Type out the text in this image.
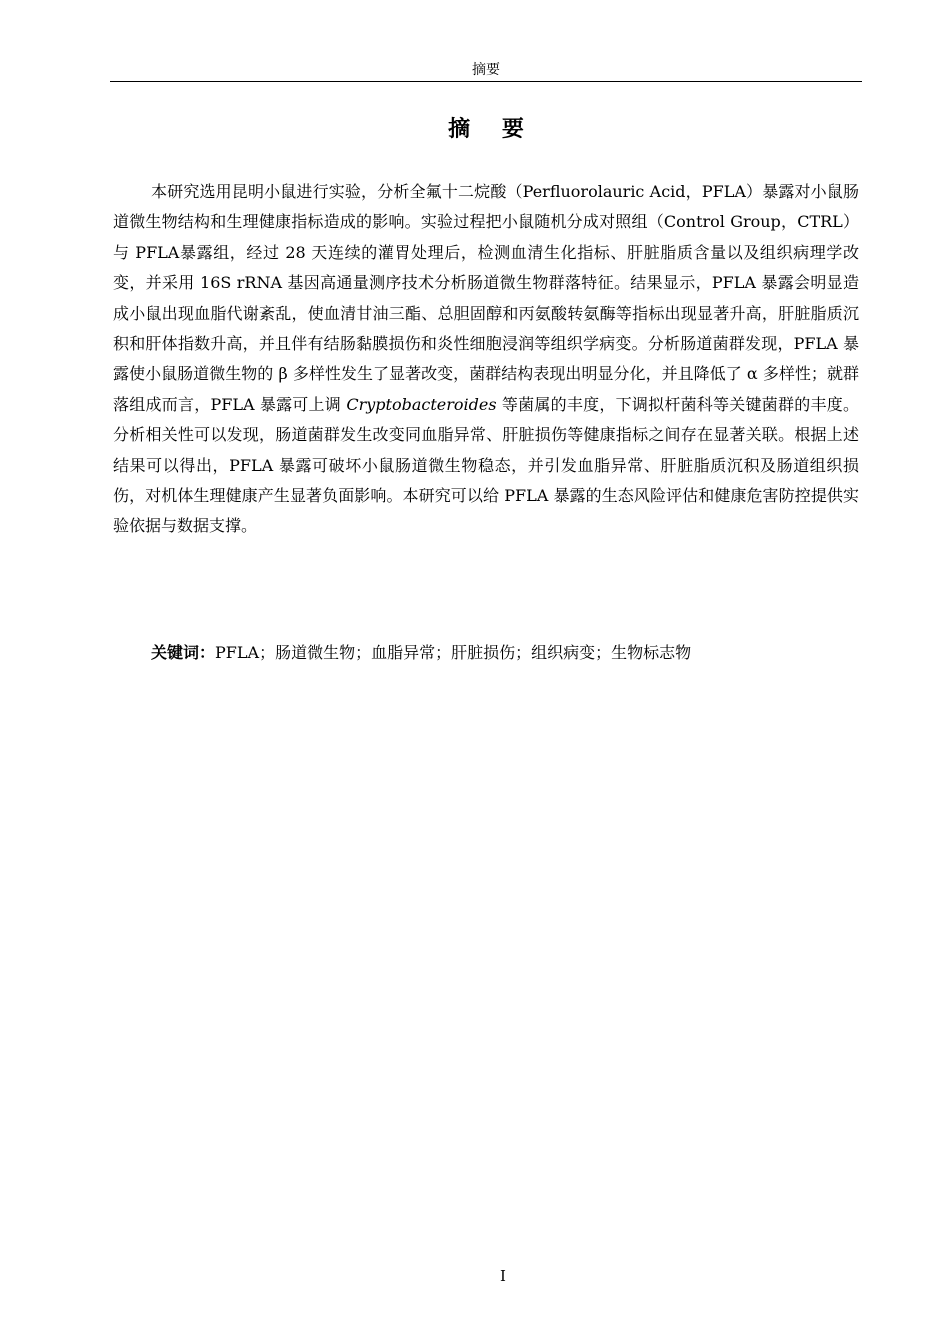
摘要
摘 要

本研究选用昆明小鼠进行实验，分析全氟十二烷酸（Perfluorolauric Acid，PFLA）暴露对小鼠肠道微生物结构和生理健康指标造成的影响。实验过程把小鼠随机分成对照组（Control Group，CTRL）与 PFLA暴露组，经过 28 天连续的灌胃处理后，检测血清生化指标、肝脏脂质含量以及组织病理学改变，并采用 16S rRNA 基因高通量测序技术分析肠道微生物群落特征。结果显示，PFLA 暴露会明显造成小鼠出现血脂代谢紊乱，使血清甘油三酯、总胆固醇和丙氨酸转氨酶等指标出现显著升高，肝脏脂质沉积和肝体指数升高，并且伴有结肠黏膜损伤和炎性细胞浸润等组织学病变。分析肠道菌群发现，PFLA 暴露使小鼠肠道微生物的 β 多样性发生了显著改变，菌群结构表现出明显分化，并且降低了 α 多样性；就群落组成而言，PFLA 暴露可上调 Cryptobacteroides 等菌属的丰度，下调拟杆菌科等关键菌群的丰度。分析相关性可以发现，肠道菌群发生改变同血脂异常、肝脏损伤等健康指标之间存在显著关联。根据上述结果可以得出，PFLA 暴露可破坏小鼠肠道微生物稳态，并引发血脂异常、肝脏脂质沉积及肠道组织损伤，对机体生理健康产生显著负面影响。本研究可以给 PFLA 暴露的生态风险评估和健康危害防控提供实验依据与数据支撑。

关键词：PFLA；肠道微生物；血脂异常；肝脏损伤；组织病变；生物标志物

I
